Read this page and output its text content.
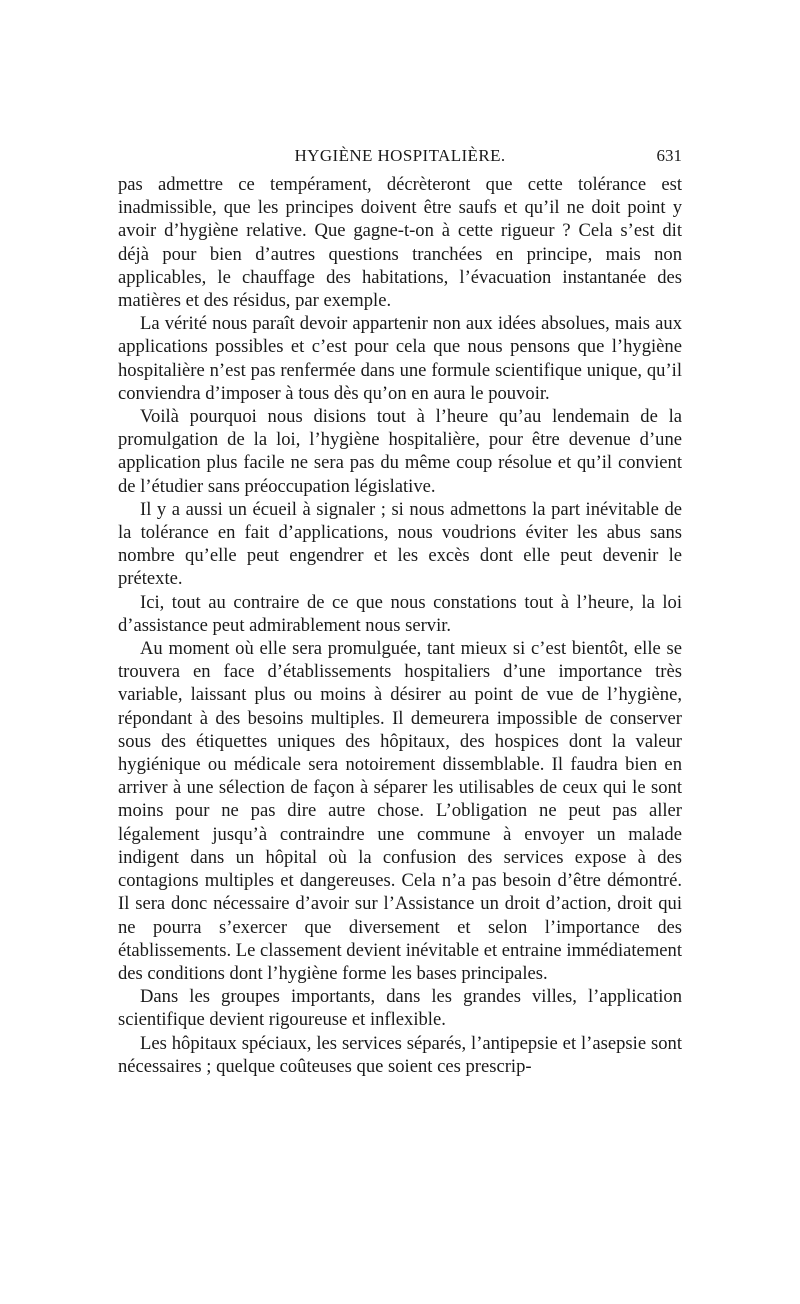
HYGIÈNE HOSPITALIÈRE.	631

pas admettre ce tempérament, décrèteront que cette tolérance est inadmissible, que les principes doivent être saufs et qu’il ne doit point y avoir d’hygiène relative. Que gagne-t-on à cette rigueur ? Cela s’est dit déjà pour bien d’autres questions tranchées en principe, mais non applicables, le chauffage des habitations, l’évacuation instantanée des matières et des résidus, par exemple.

La vérité nous paraît devoir appartenir non aux idées absolues, mais aux applications possibles et c’est pour cela que nous pensons que l’hygiène hospitalière n’est pas renfermée dans une formule scientifique unique, qu’il conviendra d’imposer à tous dès qu’on en aura le pouvoir.

Voilà pourquoi nous disions tout à l’heure qu’au lendemain de la promulgation de la loi, l’hygiène hospitalière, pour être devenue d’une application plus facile ne sera pas du même coup résolue et qu’il convient de l’étudier sans préoccupation législative.

Il y a aussi un écueil à signaler ; si nous admettons la part inévitable de la tolérance en fait d’applications, nous voudrions éviter les abus sans nombre qu’elle peut engendrer et les excès dont elle peut devenir le prétexte.

Ici, tout au contraire de ce que nous constations tout à l’heure, la loi d’assistance peut admirablement nous servir.

Au moment où elle sera promulguée, tant mieux si c’est bientôt, elle se trouvera en face d’établissements hospitaliers d’une importance très variable, laissant plus ou moins à désirer au point de vue de l’hygiène, répondant à des besoins multiples. Il demeurera impossible de conserver sous des étiquettes uniques des hôpitaux, des hospices dont la valeur hygiénique ou médicale sera notoirement dissemblable. Il faudra bien en arriver à une sélection de façon à séparer les utilisables de ceux qui le sont moins pour ne pas dire autre chose. L’obligation ne peut pas aller légalement jusqu’à contraindre une commune à envoyer un malade indigent dans un hôpital où la confusion des services expose à des contagions multiples et dangereuses. Cela n’a pas besoin d’être démontré. Il sera donc nécessaire d’avoir sur l’Assistance un droit d’action, droit qui ne pourra s’exercer que diversement et selon l’importance des établissements. Le classement devient inévitable et entraine immédiatement des conditions dont l’hygiène forme les bases principales.

Dans les groupes importants, dans les grandes villes, l’application scientifique devient rigoureuse et inflexible.

Les hôpitaux spéciaux, les services séparés, l’antipepsie et l’asepsie sont nécessaires ; quelque coûteuses que soient ces prescrip-
